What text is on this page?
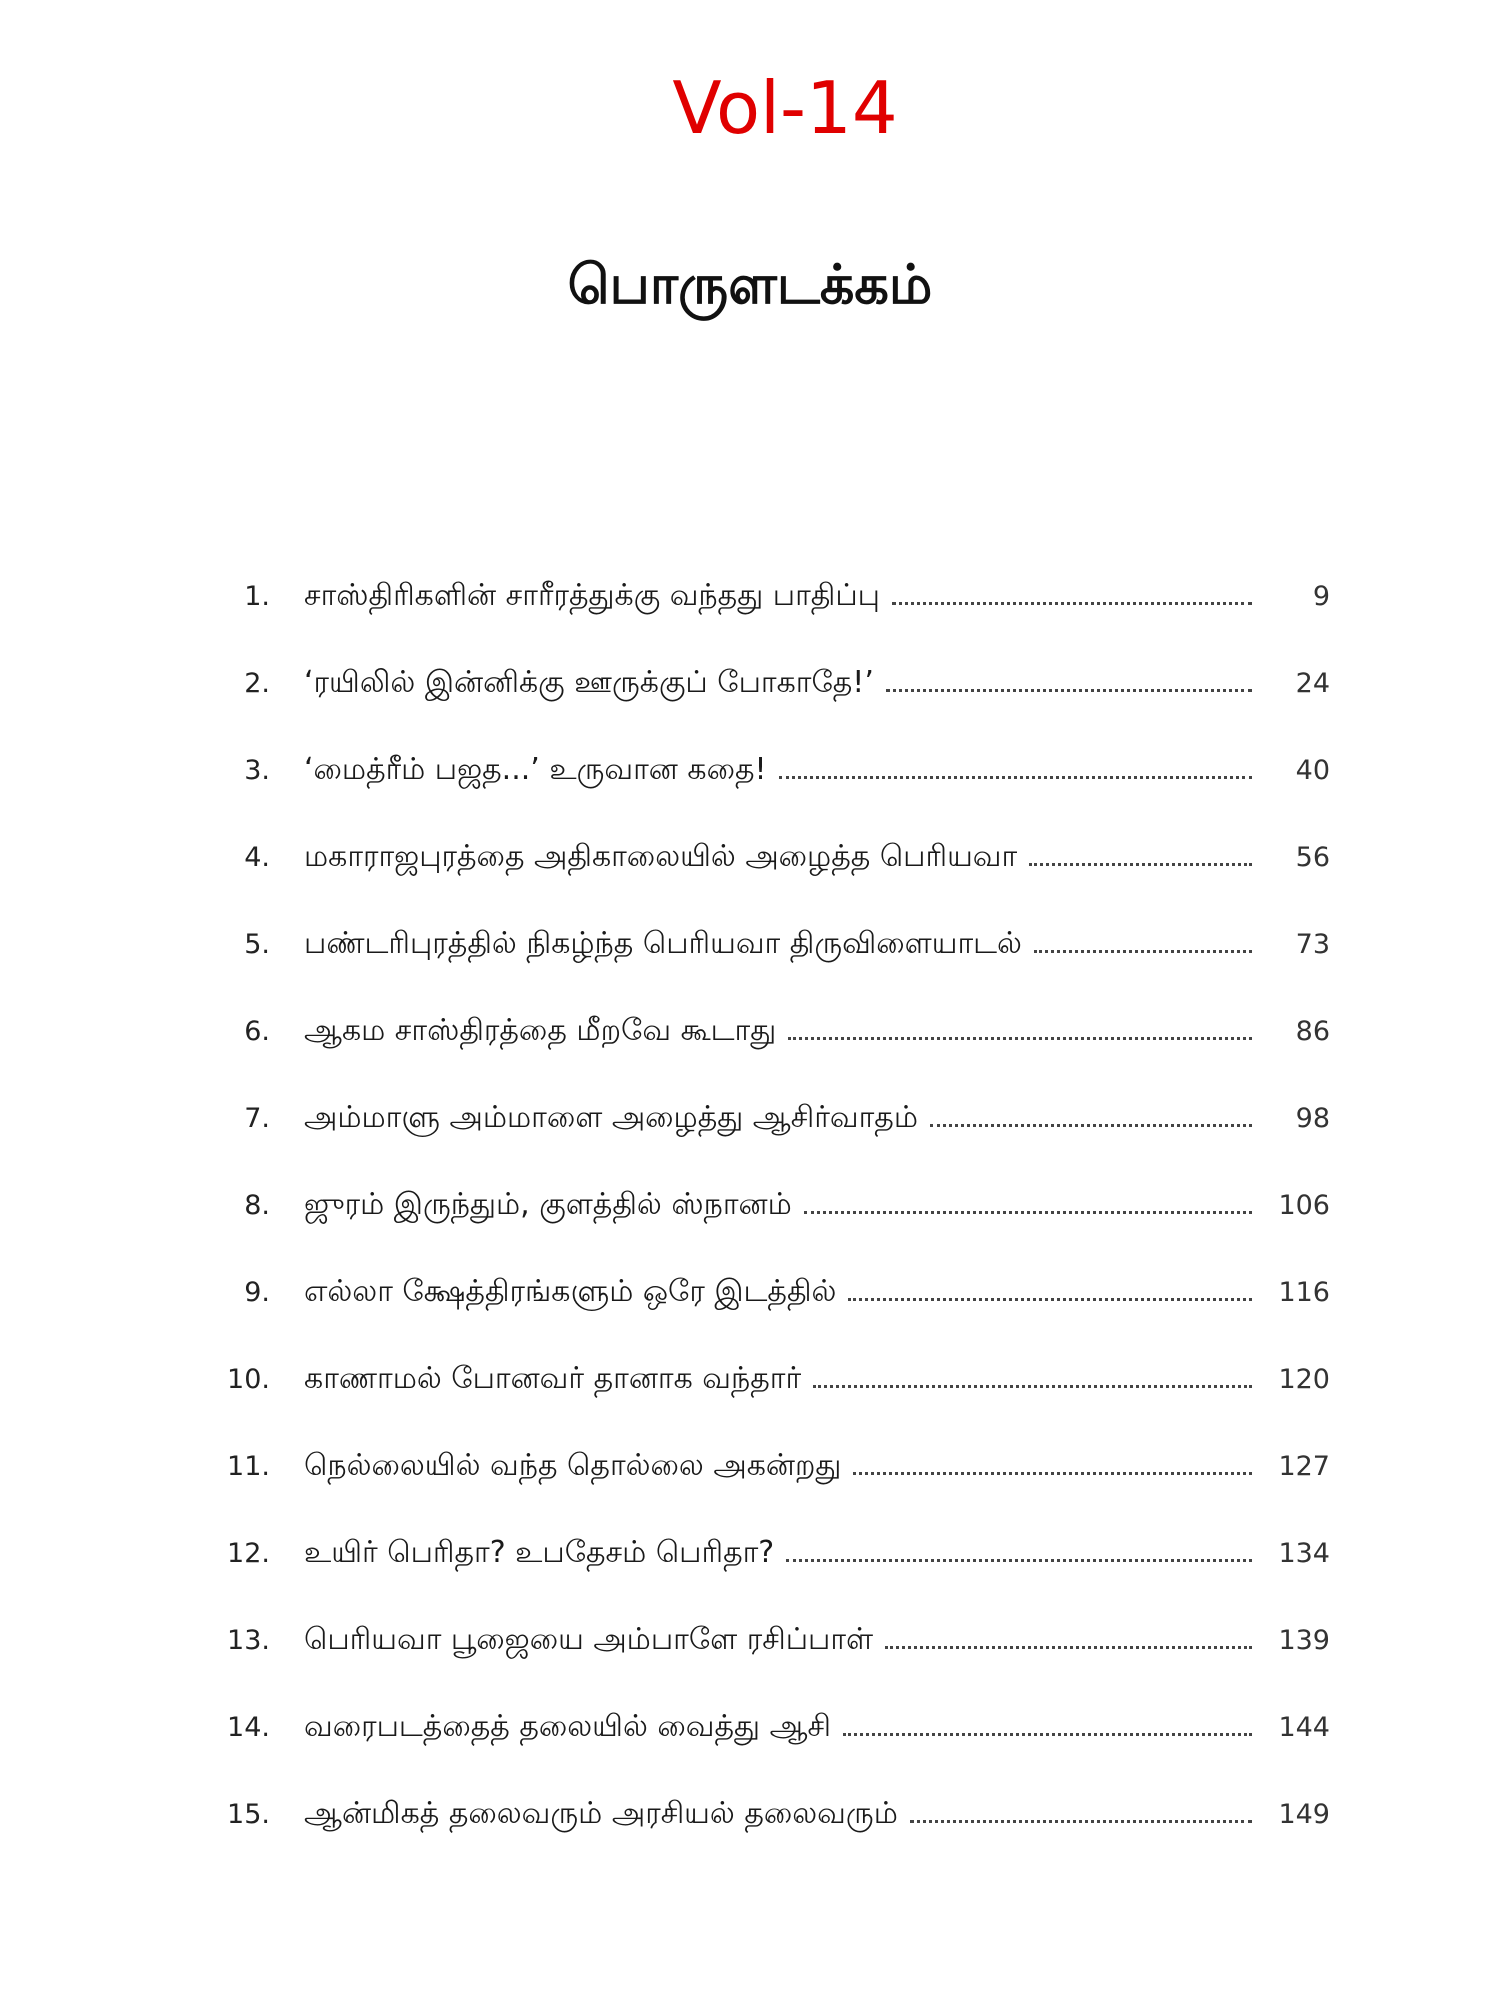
Vol-14
பொருளடக்கம்
1.	சாஸ்திரிகளின் சாரீரத்துக்கு வந்தது பாதிப்பு	9
2.	‘ரயிலில் இன்னிக்கு ஊருக்குப் போகாதே!’	24
3.	‘மைத்ரீம் பஜத...’ உருவான கதை!	40
4.	மகாராஜபுரத்தை அதிகாலையில் அழைத்த பெரியவா	56
5.	பண்டரிபுரத்தில் நிகழ்ந்த பெரியவா திருவிளையாடல்	73
6.	ஆகம சாஸ்திரத்தை மீறவே கூடாது	86
7.	அம்மாளு அம்மாளை அழைத்து ஆசிர்வாதம்	98
8.	ஜுரம் இருந்தும், குளத்தில் ஸ்நானம்	106
9.	எல்லா க்ஷேத்திரங்களும் ஒரே இடத்தில்	116
10.	காணாமல் போனவர் தானாக வந்தார்	120
11.	நெல்லையில் வந்த தொல்லை அகன்றது	127
12.	உயிர் பெரிதா? உபதேசம் பெரிதா?	134
13.	பெரியவா பூஜையை அம்பாளே ரசிப்பாள்	139
14.	வரைபடத்தைத் தலையில் வைத்து ஆசி	144
15.	ஆன்மிகத் தலைவரும் அரசியல் தலைவரும்	149
